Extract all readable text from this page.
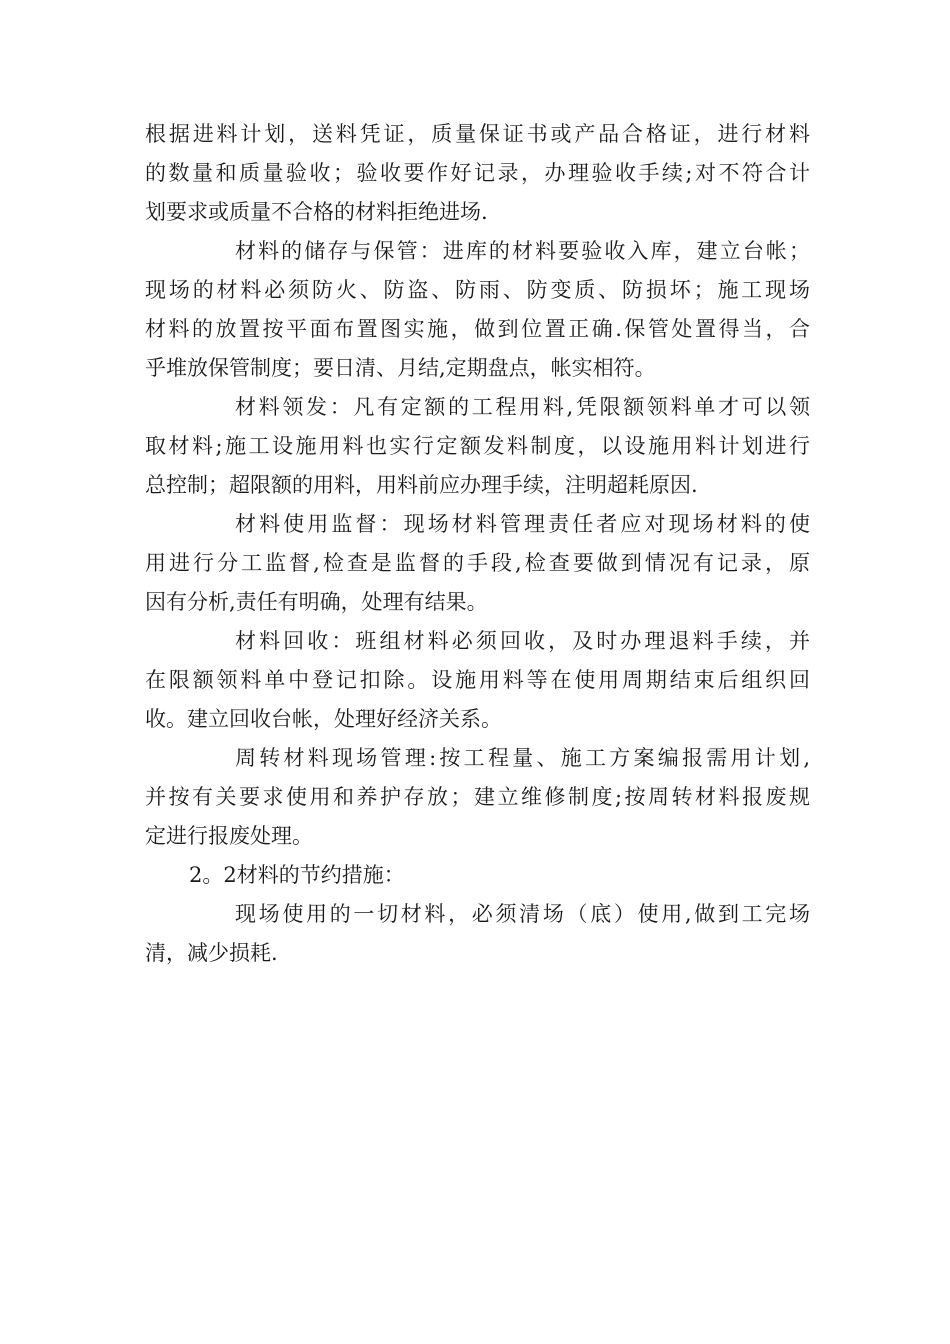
根据进料计划，送料凭证，质量保证书或产品合格证，进行材料
的数量和质量验收；验收要作好记录，办理验收手续;对不符合计
划要求或质量不合格的材料拒绝进场.
材料的储存与保管：进库的材料要验收入库，建立台帐；
现场的材料必须防火、防盗、防雨、防变质、防损坏；施工现场
材料的放置按平面布置图实施，做到位置正确.保管处置得当，合
乎堆放保管制度；要日清、月结,定期盘点，帐实相符。
材料领发：凡有定额的工程用料,凭限额领料单才可以领
取材料;施工设施用料也实行定额发料制度，以设施用料计划进行
总控制；超限额的用料，用料前应办理手续，注明超耗原因.
材料使用监督：现场材料管理责任者应对现场材料的使
用进行分工监督,检查是监督的手段,检查要做到情况有记录，原
因有分析,责任有明确，处理有结果。
材料回收：班组材料必须回收，及时办理退料手续，并
在限额领料单中登记扣除。设施用料等在使用周期结束后组织回
收。建立回收台帐，处理好经济关系。
周转材料现场管理:按工程量、施工方案编报需用计划,
并按有关要求使用和养护存放；建立维修制度;按周转材料报废规
定进行报废处理。
2。2材料的节约措施：
现场使用的一切材料，必须清场（底）使用,做到工完场
清，减少损耗.
